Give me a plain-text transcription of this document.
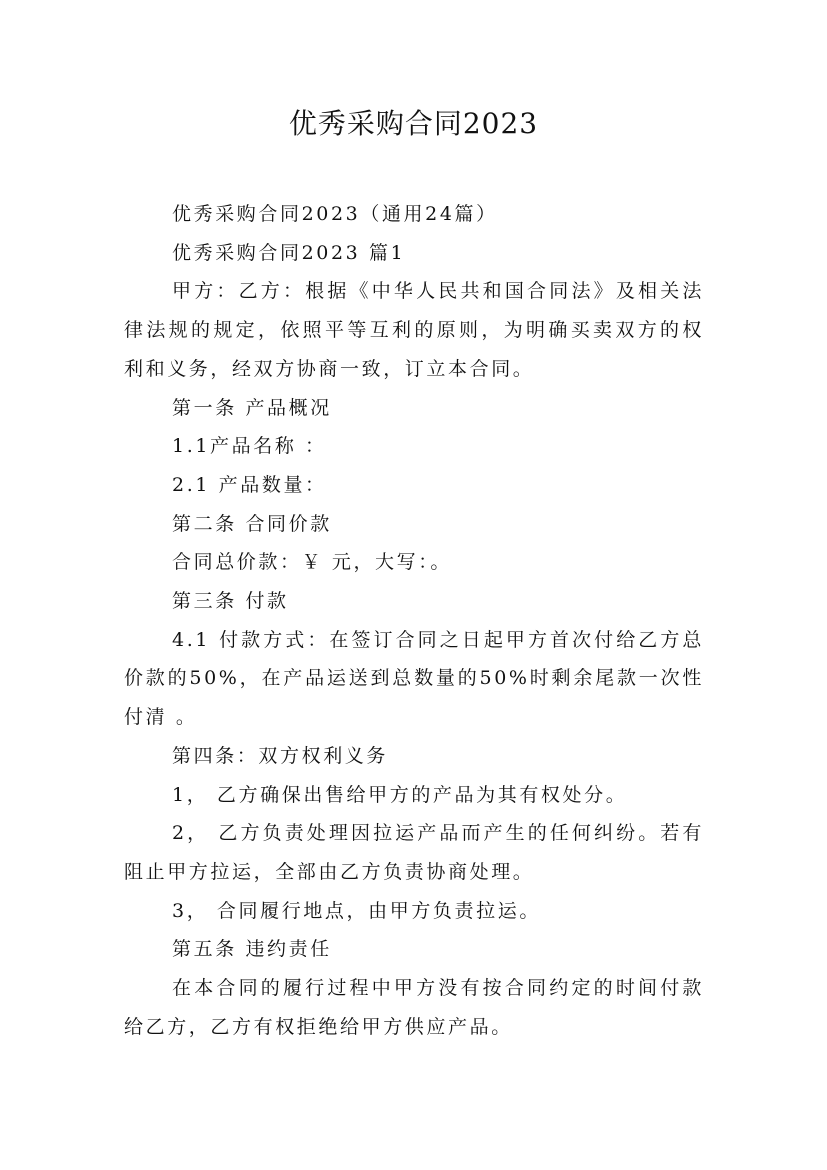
优秀采购合同2023

优秀采购合同2023（通用24篇）

优秀采购合同2023 篇1

甲方：乙方：根据《中华人民共和国合同法》及相关法律法规的规定，依照平等互利的原则，为明确买卖双方的权利和义务，经双方协商一致，订立本合同。

第一条 产品概况

1.1产品名称 ：

2.1 产品数量：

第二条 合同价款

合同总价款：￥ 元，大写：。

第三条 付款

4.1 付款方式：在签订合同之日起甲方首次付给乙方总价款的50%，在产品运送到总数量的50%时剩余尾款一次性付清 。

第四条：双方权利义务

1， 乙方确保出售给甲方的产品为其有权处分。

2， 乙方负责处理因拉运产品而产生的任何纠纷。若有阻止甲方拉运，全部由乙方负责协商处理。

3， 合同履行地点，由甲方负责拉运。

第五条 违约责任

在本合同的履行过程中甲方没有按合同约定的时间付款给乙方，乙方有权拒绝给甲方供应产品。
